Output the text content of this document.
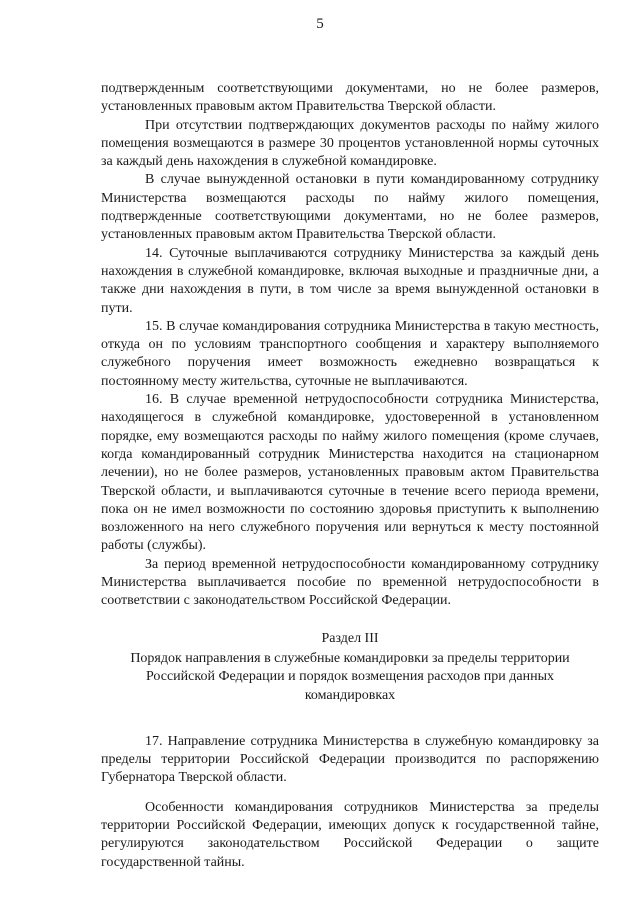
5

подтвержденным соответствующими документами, но не более размеров, установленных правовым актом Правительства Тверской области.

При отсутствии подтверждающих документов расходы по найму жилого помещения возмещаются в размере 30 процентов установленной нормы суточных за каждый день нахождения в служебной командировке.

В случае вынужденной остановки в пути командированному сотруднику Министерства возмещаются расходы по найму жилого помещения, подтвержденные соответствующими документами, но не более размеров, установленных правовым актом Правительства Тверской области.

14. Суточные выплачиваются сотруднику Министерства за каждый день нахождения в служебной командировке, включая выходные и праздничные дни, а также дни нахождения в пути, в том числе за время вынужденной остановки в пути.

15. В случае командирования сотрудника Министерства в такую местность, откуда он по условиям транспортного сообщения и характеру выполняемого служебного поручения имеет возможность ежедневно возвращаться к постоянному месту жительства, суточные не выплачиваются.

16. В случае временной нетрудоспособности сотрудника Министерства, находящегося в служебной командировке, удостоверенной в установленном порядке, ему возмещаются расходы по найму жилого помещения (кроме случаев, когда командированный сотрудник Министерства находится на стационарном лечении), но не более размеров, установленных правовым актом Правительства Тверской области, и выплачиваются суточные в течение всего периода времени, пока он не имел возможности по состоянию здоровья приступить к выполнению возложенного на него служебного поручения или вернуться к месту постоянной работы (службы).

За период временной нетрудоспособности командированному сотруднику Министерства выплачивается пособие по временной нетрудоспособности в соответствии с законодательством Российской Федерации.

Раздел III

Порядок направления в служебные командировки за пределы территории Российской Федерации и порядок возмещения расходов при данных командировках

17. Направление сотрудника Министерства в служебную командировку за пределы территории Российской Федерации производится по распоряжению Губернатора Тверской области.

Особенности командирования сотрудников Министерства за пределы территории Российской Федерации, имеющих допуск к государственной тайне, регулируются законодательством Российской Федерации о защите государственной тайны.
